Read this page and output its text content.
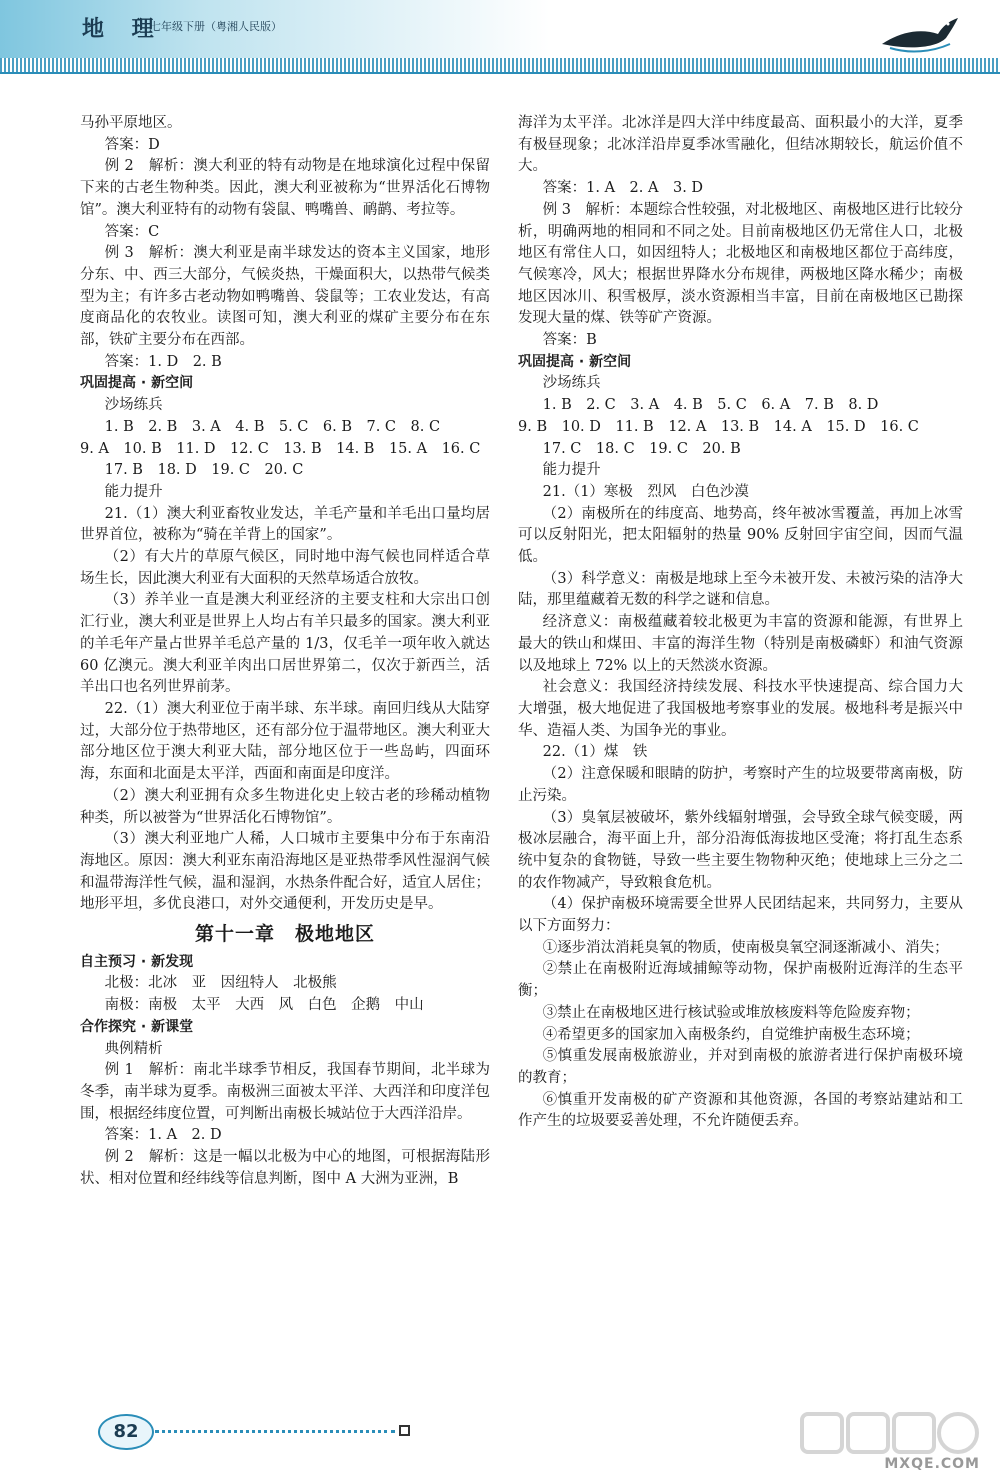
地 理
七年级下册（粤湘人民版）

马孙平原地区。

答案：D

例 2　解析：澳大利亚的特有动物是在地球演化过程中保留下来的古老生物种类。因此，澳大利亚被称为“世界活化石博物馆”。澳大利亚特有的动物有袋鼠、鸭嘴兽、鸸鹋、考拉等。

答案：C

例 3　解析：澳大利亚是南半球发达的资本主义国家，地形分东、中、西三大部分，气候炎热，干燥面积大，以热带气候类型为主；有许多古老动物如鸭嘴兽、袋鼠等；工农业发达，有高度商品化的农牧业。读图可知，澳大利亚的煤矿主要分布在东部，铁矿主要分布在西部。

答案：1. D　2. B

巩固提高 · 新空间

沙场练兵

1. B　2. B　3. A　4. B　5. C　6. B　7. C　8. C

9. A　10. B　11. D　12. C　13. B　14. B　15. A　16. C

17. B　18. D　19. C　20. C

能力提升

21.（1）澳大利亚畜牧业发达，羊毛产量和羊毛出口量均居世界首位，被称为“骑在羊背上的国家”。

（2）有大片的草原气候区，同时地中海气候也同样适合草场生长，因此澳大利亚有大面积的天然草场适合放牧。

（3）养羊业一直是澳大利亚经济的主要支柱和大宗出口创汇行业，澳大利亚是世界上人均占有羊只最多的国家。澳大利亚的羊毛年产量占世界羊毛总产量的 1/3，仅毛羊一项年收入就达 60 亿澳元。澳大利亚羊肉出口居世界第二，仅次于新西兰，活羊出口也名列世界前茅。

22.（1）澳大利亚位于南半球、东半球。南回归线从大陆穿过，大部分位于热带地区，还有部分位于温带地区。澳大利亚大部分地区位于澳大利亚大陆，部分地区位于一些岛屿，四面环海，东面和北面是太平洋，西面和南面是印度洋。

（2）澳大利亚拥有众多生物进化史上较古老的珍稀动植物种类，所以被誉为“世界活化石博物馆”。

（3）澳大利亚地广人稀，人口城市主要集中分布于东南沿海地区。原因：澳大利亚东南沿海地区是亚热带季风性湿润气候和温带海洋性气候，温和湿润，水热条件配合好，适宜人居住；地形平坦，多优良港口，对外交通便利，开发历史是早。

第十一章　极地地区

自主预习 · 新发现

北极：北冰　亚　因纽特人　北极熊

南极：南极　太平　大西　风　白色　企鹅　中山

合作探究 · 新课堂

典例精析

例 1　解析：南北半球季节相反，我国春节期间，北半球为冬季，南半球为夏季。南极洲三面被太平洋、大西洋和印度洋包围，根据经纬度位置，可判断出南极长城站位于大西洋沿岸。

答案：1. A　2. D

例 2　解析：这是一幅以北极为中心的地图，可根据海陆形状、相对位置和经纬线等信息判断，图中 A 大洲为亚洲，B

海洋为太平洋。北冰洋是四大洋中纬度最高、面积最小的大洋，夏季有极昼现象；北冰洋沿岸夏季冰雪融化，但结冰期较长，航运价值不大。

答案：1. A　2. A　3. D

例 3　解析：本题综合性较强，对北极地区、南极地区进行比较分析，明确两地的相同和不同之处。目前南极地区仍无常住人口，北极地区有常住人口，如因纽特人；北极地区和南极地区都位于高纬度，气候寒冷，风大；根据世界降水分布规律，两极地区降水稀少；南极地区因冰川、积雪极厚，淡水资源相当丰富，目前在南极地区已勘探发现大量的煤、铁等矿产资源。

答案：B

巩固提高 · 新空间

沙场练兵

1. B　2. C　3. A　4. B　5. C　6. A　7. B　8. D

9. B　10. D　11. B　12. A　13. B　14. A　15. D　16. C

17. C　18. C　19. C　20. B

能力提升

21.（1）寒极　烈风　白色沙漠

（2）南极所在的纬度高、地势高，终年被冰雪覆盖，再加上冰雪可以反射阳光，把太阳辐射的热量 90% 反射回宇宙空间，因而气温低。

（3）科学意义：南极是地球上至今未被开发、未被污染的洁净大陆，那里蕴藏着无数的科学之谜和信息。

经济意义：南极蕴藏着较北极更为丰富的资源和能源，有世界上最大的铁山和煤田、丰富的海洋生物（特别是南极磷虾）和油气资源以及地球上 72% 以上的天然淡水资源。

社会意义：我国经济持续发展、科技水平快速提高、综合国力大大增强，极大地促进了我国极地考察事业的发展。极地科考是振兴中华、造福人类、为国争光的事业。

22.（1）煤　铁

（2）注意保暖和眼睛的防护，考察时产生的垃圾要带离南极，防止污染。

（3）臭氧层被破坏，紫外线辐射增强，会导致全球气候变暖，两极冰层融合，海平面上升，部分沿海低海拔地区受淹；将打乱生态系统中复杂的食物链，导致一些主要生物物种灭绝；使地球上三分之二的农作物减产，导致粮食危机。

（4）保护南极环境需要全世界人民团结起来，共同努力，主要从以下方面努力：

①逐步消汰消耗臭氧的物质，使南极臭氧空洞逐渐减小、消失；

②禁止在南极附近海域捕鲸等动物，保护南极附近海洋的生态平衡；

③禁止在南极地区进行核试验或堆放核废料等危险废弃物；

④希望更多的国家加入南极条约，自觉维护南极生态环境；

⑤慎重发展南极旅游业，并对到南极的旅游者进行保护南极环境的教育；

⑥慎重开发南极的矿产资源和其他资源，各国的考察站建站和工作产生的垃圾要妥善处理，不允许随便丢弃。

82
MXQE.COM
